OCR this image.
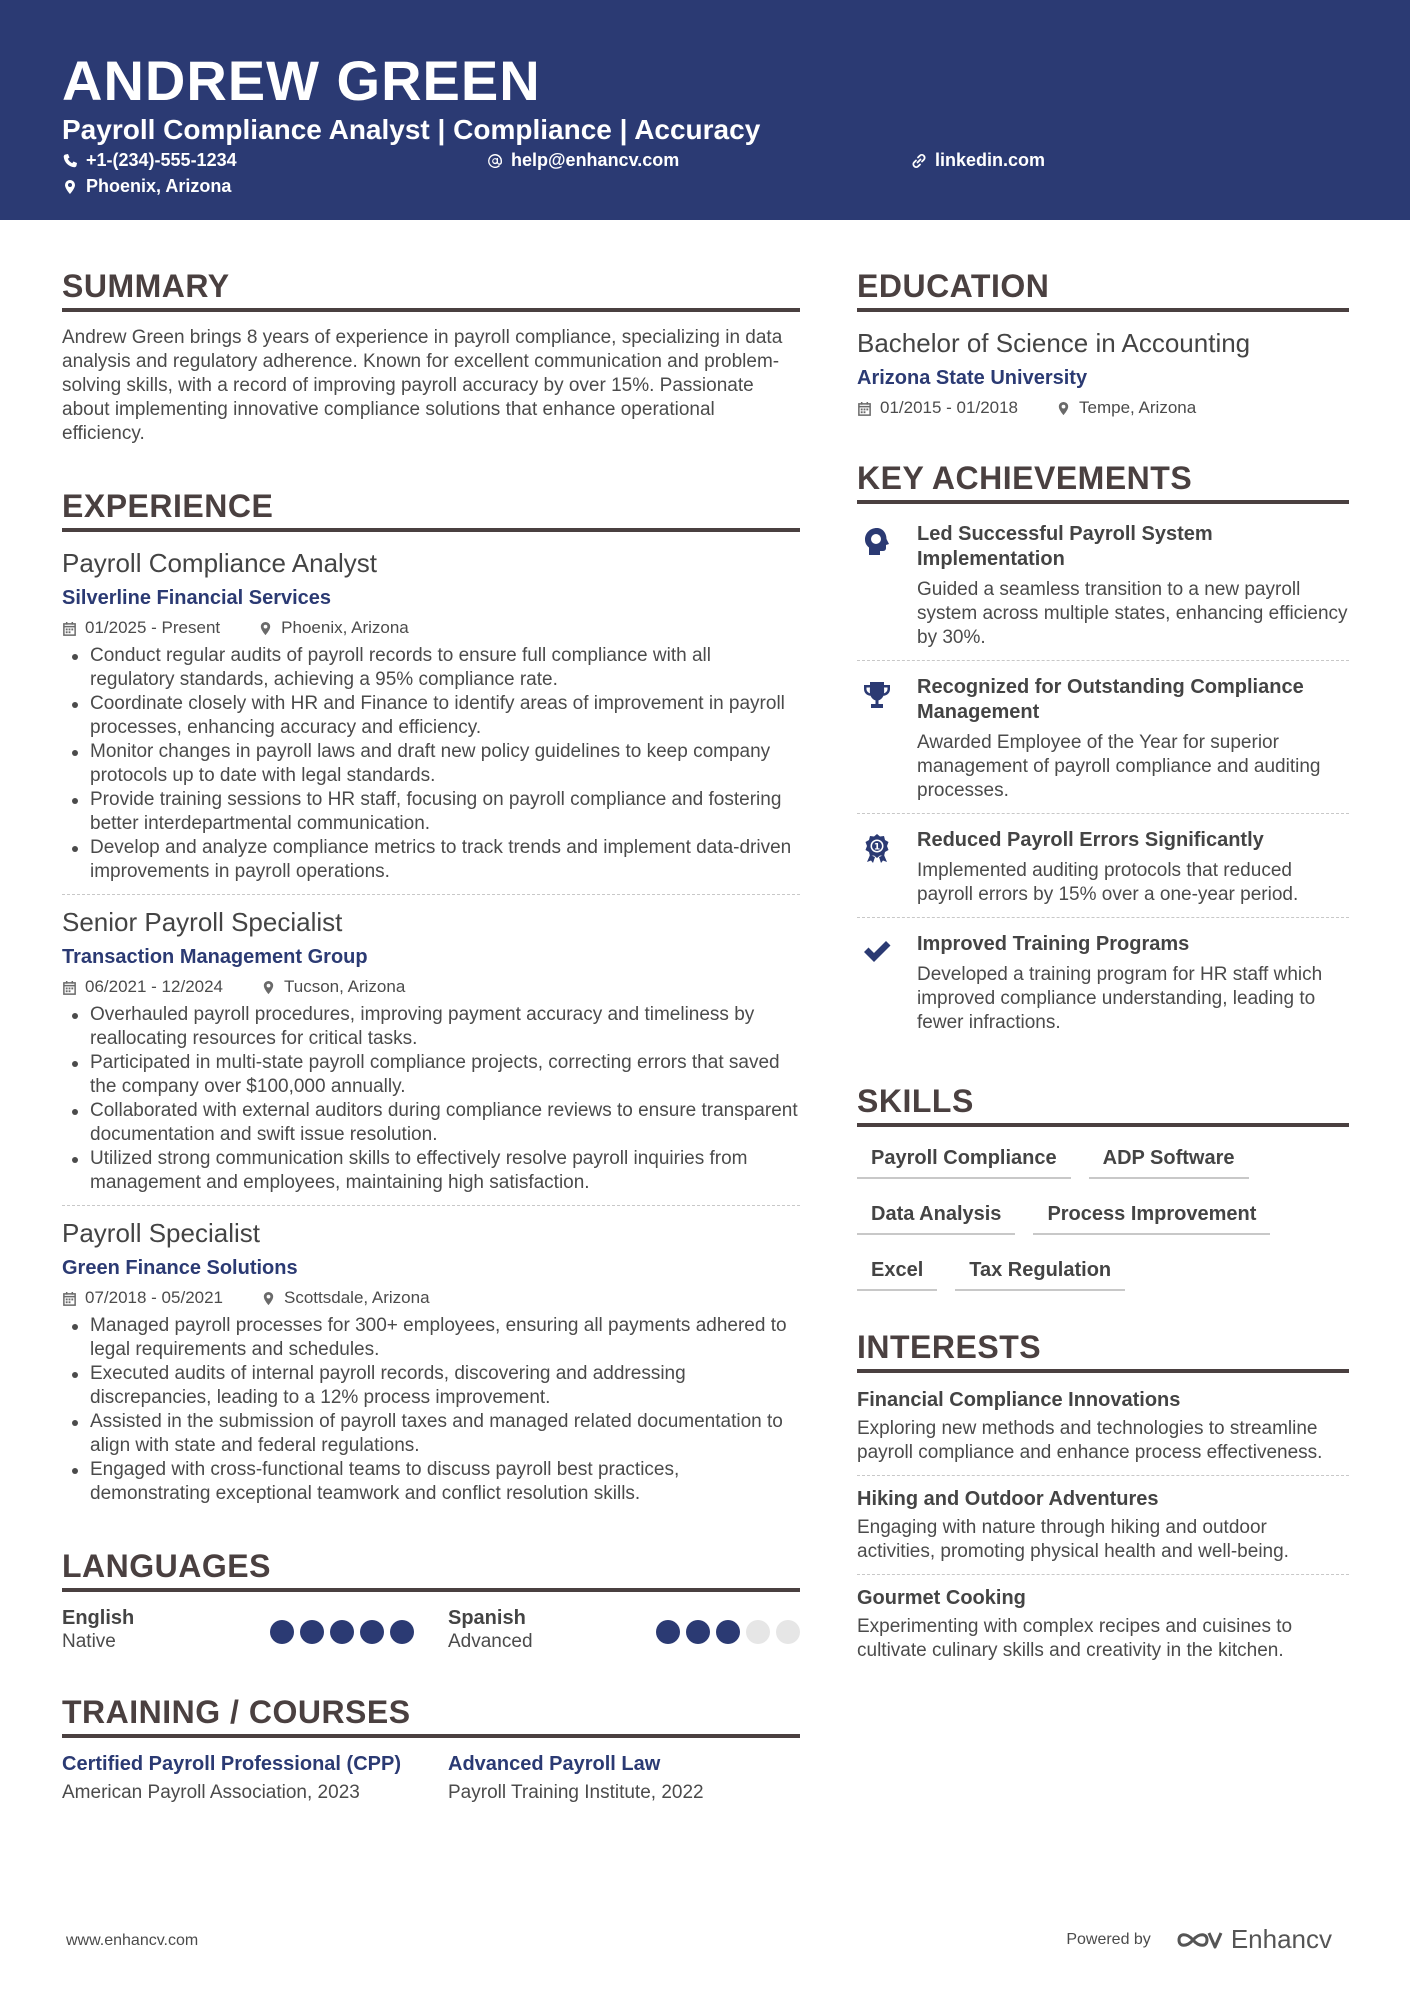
ANDREW GREEN
Payroll Compliance Analyst | Compliance | Accuracy
+1-(234)-555-1234	help@enhancv.com	linkedin.com
Phoenix, Arizona
SUMMARY
Andrew Green brings 8 years of experience in payroll compliance, specializing in data analysis and regulatory adherence. Known for excellent communication and problem-solving skills, with a record of improving payroll accuracy by over 15%. Passionate about implementing innovative compliance solutions that enhance operational efficiency.
EXPERIENCE
Payroll Compliance Analyst
Silverline Financial Services
01/2025 - Present	Phoenix, Arizona
Conduct regular audits of payroll records to ensure full compliance with all regulatory standards, achieving a 95% compliance rate.
Coordinate closely with HR and Finance to identify areas of improvement in payroll processes, enhancing accuracy and efficiency.
Monitor changes in payroll laws and draft new policy guidelines to keep company protocols up to date with legal standards.
Provide training sessions to HR staff, focusing on payroll compliance and fostering better interdepartmental communication.
Develop and analyze compliance metrics to track trends and implement data-driven improvements in payroll operations.
Senior Payroll Specialist
Transaction Management Group
06/2021 - 12/2024	Tucson, Arizona
Overhauled payroll procedures, improving payment accuracy and timeliness by reallocating resources for critical tasks.
Participated in multi-state payroll compliance projects, correcting errors that saved the company over $100,000 annually.
Collaborated with external auditors during compliance reviews to ensure transparent documentation and swift issue resolution.
Utilized strong communication skills to effectively resolve payroll inquiries from management and employees, maintaining high satisfaction.
Payroll Specialist
Green Finance Solutions
07/2018 - 05/2021	Scottsdale, Arizona
Managed payroll processes for 300+ employees, ensuring all payments adhered to legal requirements and schedules.
Executed audits of internal payroll records, discovering and addressing discrepancies, leading to a 12% process improvement.
Assisted in the submission of payroll taxes and managed related documentation to align with state and federal regulations.
Engaged with cross-functional teams to discuss payroll best practices, demonstrating exceptional teamwork and conflict resolution skills.
LANGUAGES
English
Native
Spanish
Advanced
TRAINING / COURSES
Certified Payroll Professional (CPP)
American Payroll Association, 2023
Advanced Payroll Law
Payroll Training Institute, 2022
EDUCATION
Bachelor of Science in Accounting
Arizona State University
01/2015 - 01/2018	Tempe, Arizona
KEY ACHIEVEMENTS
Led Successful Payroll System Implementation
Guided a seamless transition to a new payroll system across multiple states, enhancing efficiency by 30%.
Recognized for Outstanding Compliance Management
Awarded Employee of the Year for superior management of payroll compliance and auditing processes.
1 Reduced Payroll Errors Significantly
Implemented auditing protocols that reduced payroll errors by 15% over a one-year period.
Improved Training Programs
Developed a training program for HR staff which improved compliance understanding, leading to fewer infractions.
SKILLS
Payroll Compliance	ADP Software
Data Analysis	Process Improvement
Excel	Tax Regulation
INTERESTS
Financial Compliance Innovations
Exploring new methods and technologies to streamline payroll compliance and enhance process effectiveness.
Hiking and Outdoor Adventures
Engaging with nature through hiking and outdoor activities, promoting physical health and well-being.
Gourmet Cooking
Experimenting with complex recipes and cuisines to cultivate culinary skills and creativity in the kitchen.
www.enhancv.com	Powered by	Enhancv
